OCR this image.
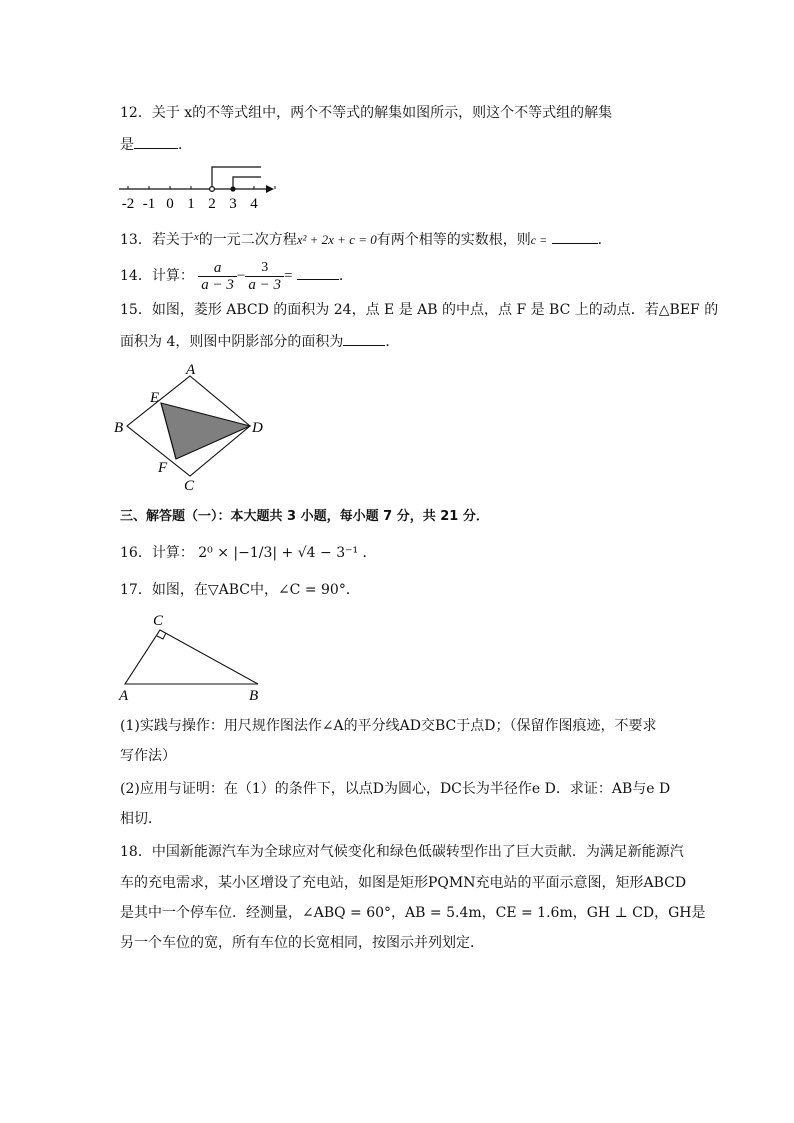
12．关于 x的不等式组中，两个不等式的解集如图所示，则这个不等式组的解集
是	．
-2 -1 0 1 2 3 4
13．若关于$^x$的一元二次方程x² + 2x + c = 0有两个相等的实数根，则c =	．
14．计算： $\frac{a}{a - 3} - \frac{3}{a - 3}$ =	．
15．如图，菱形 ABCD 的面积为 24，点 E 是 AB 的中点，点 F 是 BC 上的动点．若△BEF 的
面积为 4，则图中阴影部分的面积为	．
A
B
C
D
E
F
三、解答题（一）：本大题共 3 小题，每小题 7 分，共 21 分．
16．计算： 2⁰ × |−1/3| + √4 − 3⁻¹ ．
17．如图，在▽ABC中，∠C = 90°．
C
A	B
(1)实践与操作：用尺规作图法作∠A的平分线AD交BC于点D；（保留作图痕迹，不要求
写作法）
(2)应用与证明：在（1）的条件下，以点D为圆心，DC长为半径作e D．求证：AB与e D
相切．
18．中国新能源汽车为全球应对气候变化和绿色低碳转型作出了巨大贡献．为满足新能源汽
车的充电需求，某小区增设了充电站，如图是矩形PQMN充电站的平面示意图，矩形ABCD
是其中一个停车位．经测量，∠ABQ = 60°，AB = 5.4m，CE = 1.6m，GH ⊥ CD，GH是
另一个车位的宽，所有车位的长宽相同，按图示并列划定．
